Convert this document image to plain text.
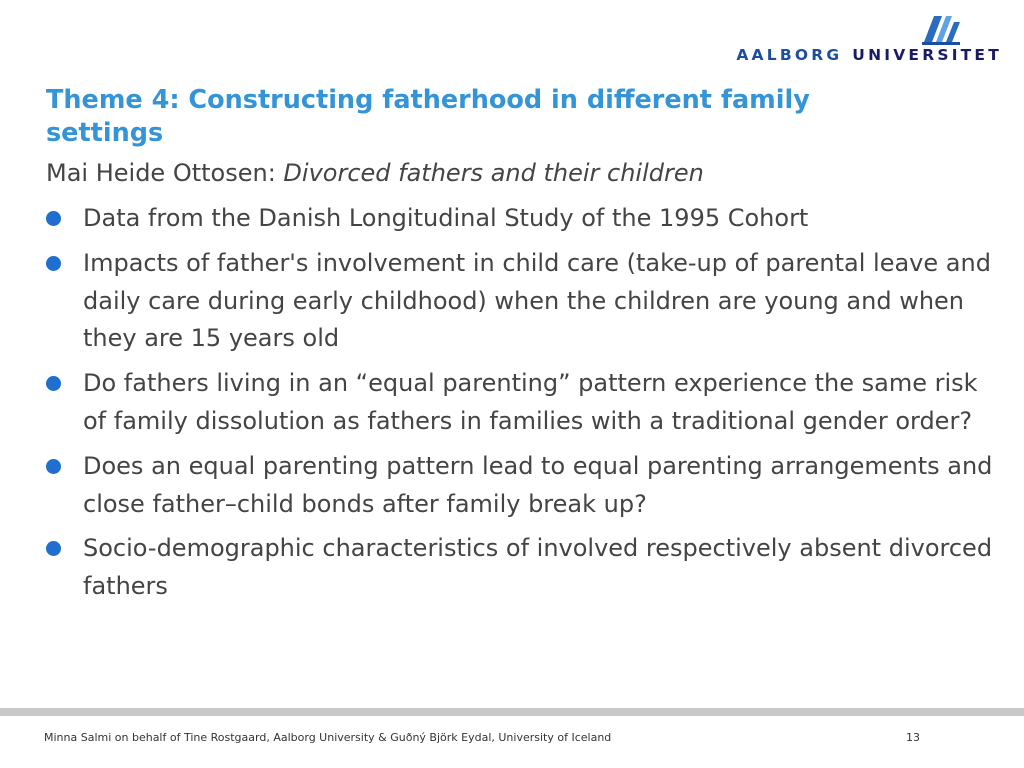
AALBORG UNIVERSITET
Theme 4: Constructing fatherhood in different family settings

Mai Heide Ottosen: Divorced fathers and their children

Data from the Danish Longitudinal Study of the 1995 Cohort
Impacts of father's involvement in child care (take-up of parental leave and daily care during early childhood) when the children are young and when they are 15 years old
Do fathers living in an “equal parenting” pattern experience the same risk of family dissolution as fathers in families with a traditional gender order?
Does an equal parenting pattern lead to equal parenting arrangements and close father–child bonds after family break up?
Socio-demographic characteristics of involved respectively absent divorced fathers
Minna Salmi on behalf of Tine Rostgaard, Aalborg University & Guðný Björk Eydal, University of Iceland	13
